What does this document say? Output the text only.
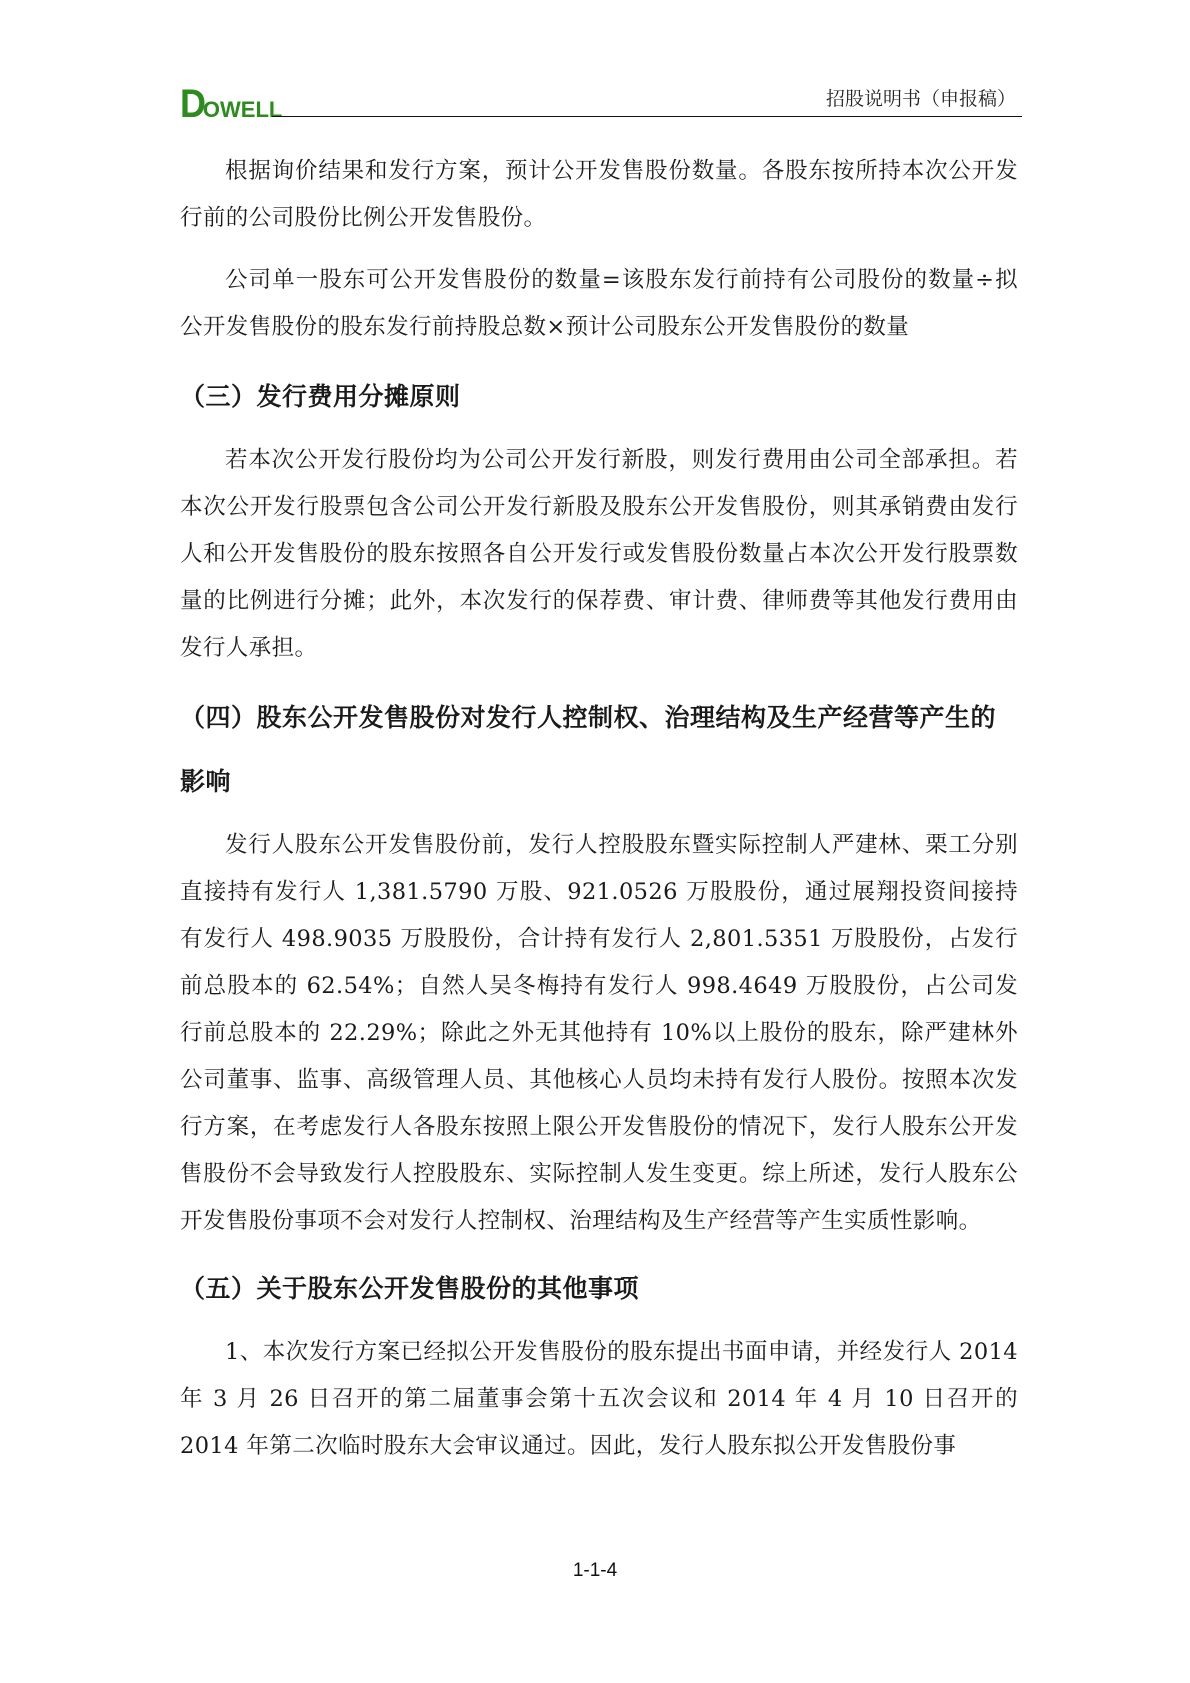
DOWELL	招股说明书（申报稿）

根据询价结果和发行方案，预计公开发售股份数量。各股东按所持本次公开发行前的公司股份比例公开发售股份。

公司单一股东可公开发售股份的数量=该股东发行前持有公司股份的数量÷拟公开发售股份的股东发行前持股总数×预计公司股东公开发售股份的数量

（三）发行费用分摊原则

若本次公开发行股份均为公司公开发行新股，则发行费用由公司全部承担。若本次公开发行股票包含公司公开发行新股及股东公开发售股份，则其承销费由发行人和公开发售股份的股东按照各自公开发行或发售股份数量占本次公开发行股票数量的比例进行分摊；此外，本次发行的保荐费、审计费、律师费等其他发行费用由发行人承担。

（四）股东公开发售股份对发行人控制权、治理结构及生产经营等产生的影响

发行人股东公开发售股份前，发行人控股股东暨实际控制人严建林、栗工分别直接持有发行人 1,381.5790 万股、921.0526 万股股份，通过展翔投资间接持有发行人 498.9035 万股股份，合计持有发行人 2,801.5351 万股股份，占发行前总股本的 62.54%；自然人吴冬梅持有发行人 998.4649 万股股份，占公司发行前总股本的 22.29%；除此之外无其他持有 10%以上股份的股东，除严建林外公司董事、监事、高级管理人员、其他核心人员均未持有发行人股份。按照本次发行方案，在考虑发行人各股东按照上限公开发售股份的情况下，发行人股东公开发售股份不会导致发行人控股股东、实际控制人发生变更。综上所述，发行人股东公开发售股份事项不会对发行人控制权、治理结构及生产经营等产生实质性影响。

（五）关于股东公开发售股份的其他事项

1、本次发行方案已经拟公开发售股份的股东提出书面申请，并经发行人 2014 年 3 月 26 日召开的第二届董事会第十五次会议和 2014 年 4 月 10 日召开的 2014 年第二次临时股东大会审议通过。因此，发行人股东拟公开发售股份事

1-1-4
